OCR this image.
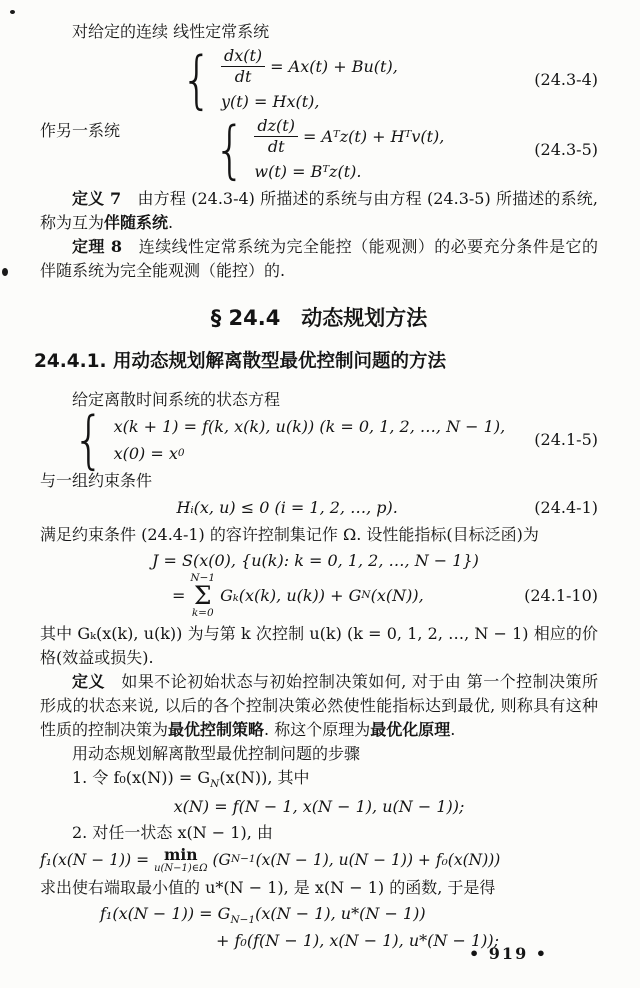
对给定的连续 线性定常系统

$\frac{dx(t)}{dt} = Ax(t) + Bu(t)$,
y(t) = Hx(t),
(24.3-4)
作另一系统	$\frac{dz(t)}{dt}$ = Aᵀz(t) + Hᵀv(t),
w(t) = Bᵀz(t).
(24.3-5)

定义 7　由方程 (24.3-4) 所描述的系统与由方程 (24.3-5) 所描述的系统, 称为互为伴随系统.

定理 8　连续线性定常系统为完全能控（能观测）的必要充分条件是它的伴随系统为完全能观测（能控）的.

§ 24.4　动态规划方法
24.4.1. 用动态规划解离散型最优控制问题的方法

给定离散时间系统的状态方程

x(k + 1) = f(k, x(k), u(k)) (k = 0, 1, 2, …, N − 1),
x(0) = x 0
(24.1-5)

与一组约束条件

Hᵢ(x, u) ≤ 0 (i = 1, 2, …, p).	(24.4-1)

满足约束条件 (24.4-1) 的容许控制集记作 Ω. 设性能指标(目标泛函)为

J = S(x(0), {u(k): k = 0, 1, 2, …, N − 1})
=
N−1
Σ
k=0
Gₖ(x(k), u(k)) + G N (x(N)),	(24.1-10)

其中 Gₖ(x(k), u(k)) 为与第 k 次控制 u(k) (k = 0, 1, 2, …, N − 1) 相应的价格(效益或损失).

定义　如果不论初始状态与初始控制决策如何, 对于由 第一个控制决策所形成的状态来说, 以后的各个控制决策必然使性能指标达到最优, 则称具有这种性质的控制决策为最优控制策略. 称这个原理为最优化原理.

用动态规划解离散型最优控制问题的步骤

1. 令 $f_0(x(N)) = G_N(x(N))$, 其中

x(N) = f(N − 1, x(N − 1), u(N − 1));

2. 对任一状态 x(N − 1), 由

f₁(x(N − 1)) = min
u(N−1)∈Ω (G N−1 (x(N − 1), u(N − 1)) + f₀(x(N)))

求出使右端取最小值的 u*(N − 1), 是 x(N − 1) 的函数, 于是得

$f_1(x(N - 1)) = G_{N-1}(x(N - 1)$, u*(N − 1))
+ f₀(f(N − 1), x(N − 1), u*(N − 1));
• 919 •
